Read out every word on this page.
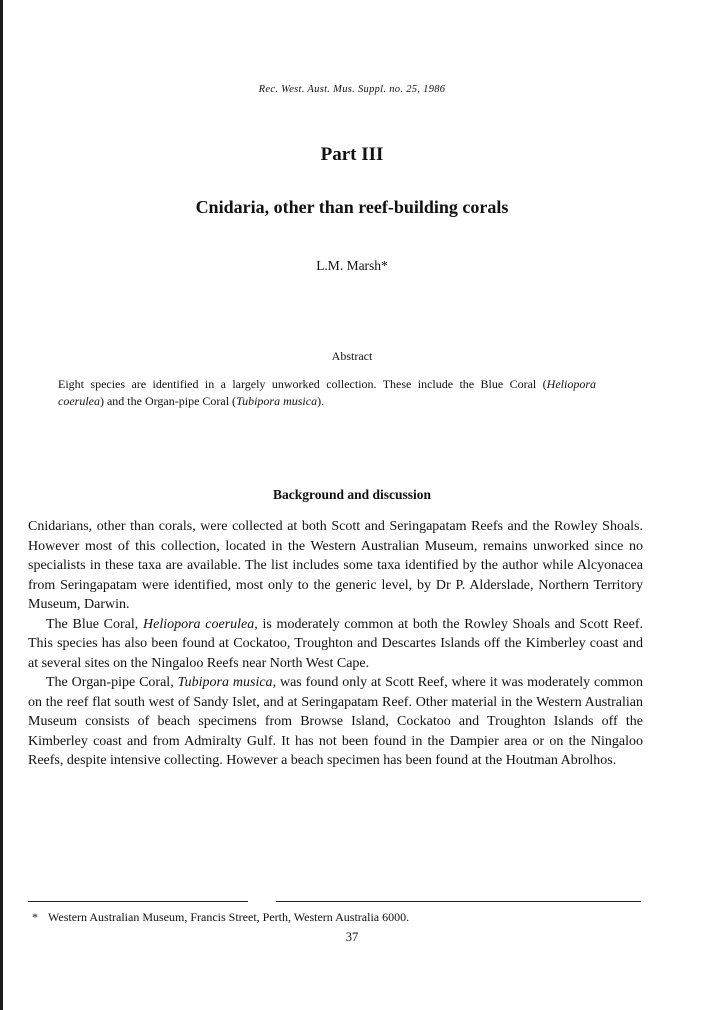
Rec. West. Aust. Mus. Suppl. no. 25, 1986
Part III
Cnidaria, other than reef-building corals
L.M. Marsh*
Abstract

Eight species are identified in a largely unworked collection. These include the Blue Coral (Heliopora coerulea) and the Organ-pipe Coral (Tubipora musica).

Background and discussion

Cnidarians, other than corals, were collected at both Scott and Seringapatam Reefs and the Rowley Shoals. However most of this collection, located in the Western Australian Museum, remains unworked since no specialists in these taxa are available. The list includes some taxa identified by the author while Alcyonacea from Seringapatam were identified, most only to the generic level, by Dr P. Alderslade, Northern Territory Museum, Darwin.

The Blue Coral, Heliopora coerulea, is moderately common at both the Rowley Shoals and Scott Reef. This species has also been found at Cockatoo, Troughton and Descartes Islands off the Kimberley coast and at several sites on the Ningaloo Reefs near North West Cape.

The Organ-pipe Coral, Tubipora musica, was found only at Scott Reef, where it was moderately common on the reef flat south west of Sandy Islet, and at Seringapatam Reef. Other material in the Western Australian Museum consists of beach specimens from Browse Island, Cockatoo and Troughton Islands off the Kimberley coast and from Admiralty Gulf. It has not been found in the Dampier area or on the Ningaloo Reefs, despite intensive collecting. However a beach specimen has been found at the Houtman Abrolhos.

* Western Australian Museum, Francis Street, Perth, Western Australia 6000.
37
